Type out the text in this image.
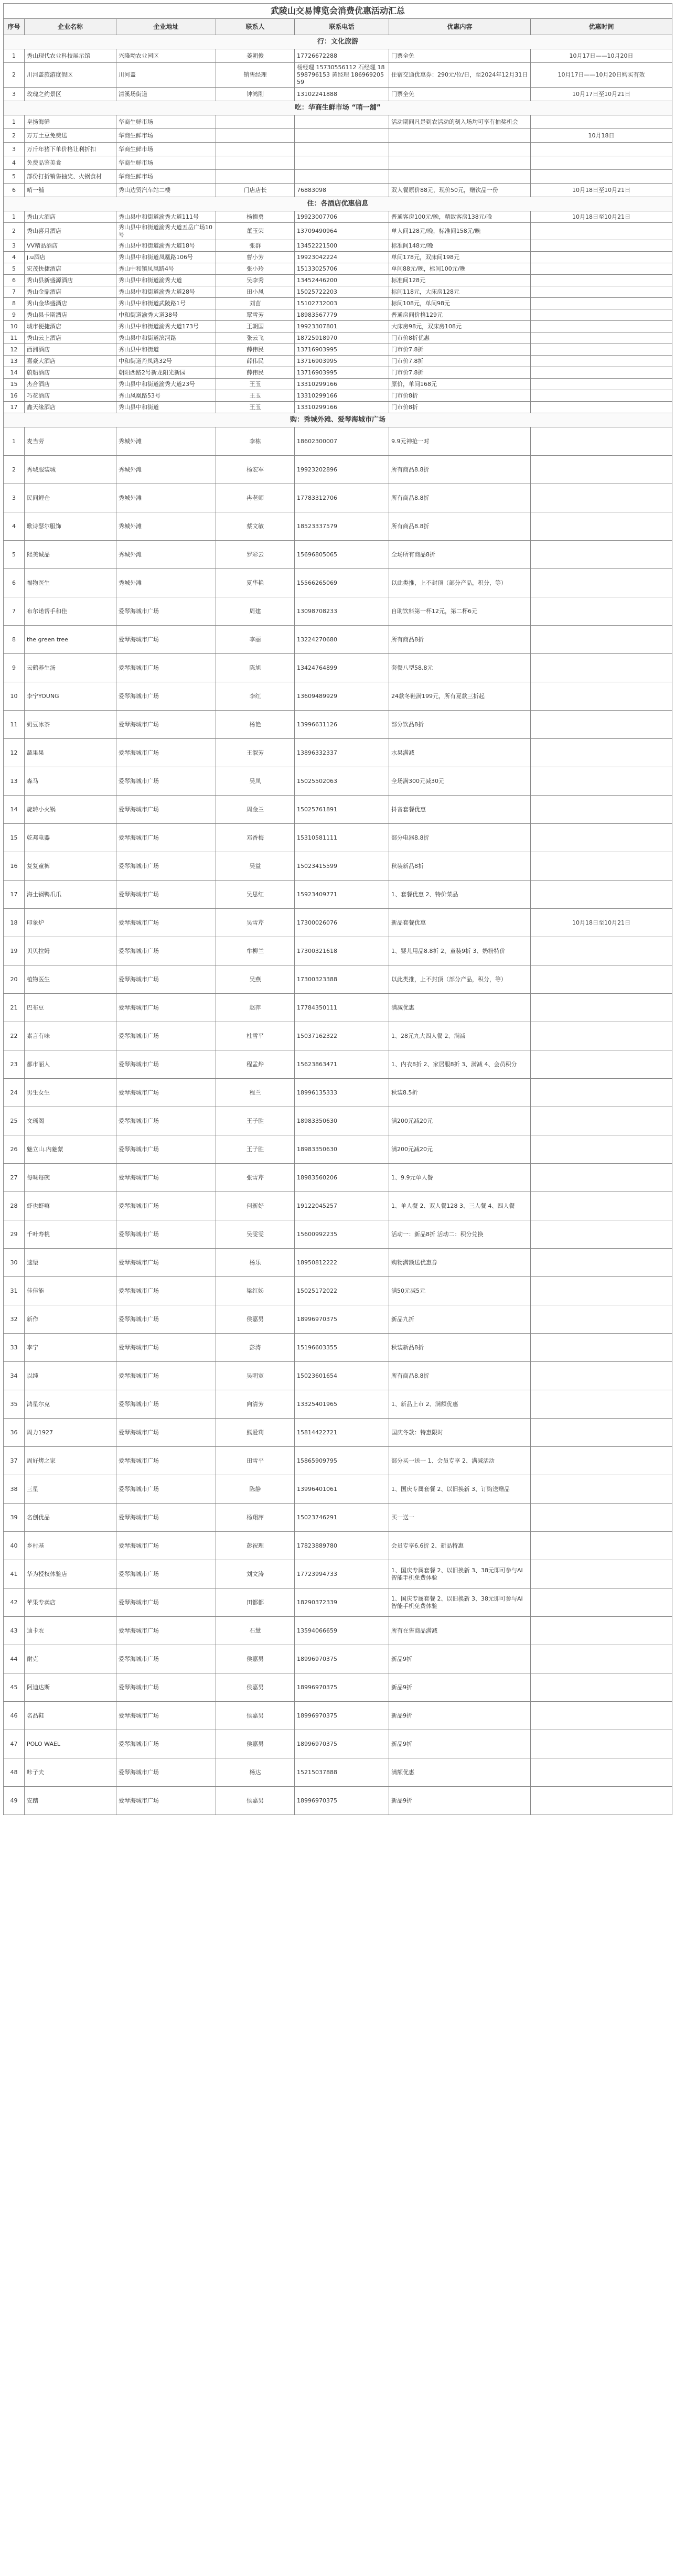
武陵山交易博览会消费优惠活动汇总						
序号	企业名称	企业地址	联系人	联系电话	优惠内容	优惠时间
行：文化旅游						
1	秀山现代农业科技展示馆	兴隆坳农业园区	姜朝俊	17726672288	门票全免	10月17日——10月20日
2	川河盖旅游度假区	川河盖	销售经理	杨经理 15730556112 石经理 18598796153 黄经理 18696920559	住宿交通优惠券：290元/位/日，至2024年12月31日	10月17日——10月20日购买有效
3	玫瑰之约景区	清溪场街道	钟鸿刚	13102241888	门票全免	10月17日至10月21日
吃：华商生鲜市场 “哨一舖”						
1	皇扬海鲜	华商生鲜市场			活动期间凡是到农活动的刻入场均可享有抽奖机会	
2	万万土豆免费送	华商生鲜市场				10月18日
3	万斤年猪下单价格让利折扣	华商生鲜市场				
4	免费品鉴美食	华商生鲜市场				
5	部份打折销售抽奖、火锅食材	华商生鲜市场				
6	哨一舖	秀山边贸汽车站二楼	门店店长	76883098	双人餐原价88元，现价50元，赠饮品一份	10月18日至10月21日
住：各酒店优惠信息						
1	秀山大酒店	秀山县中和街道渝秀大道111号	杨德勇	19923007706	普通客房100元/晚，精致客房138元/晚	10月18日至10月21日
2	秀山喜月酒店	秀山县中和街道渝秀大道五岳广场10号	董玉荣	13709490964	单人间128元/晚，标准间158元/晚	
3	VV精品酒店	秀山县中和街道渝秀大道18号	张群	13452221500	标准间148元/晚	
4	j.u酒店	秀山县中和街道凤凰路106号	曹小芳	19923042224	单间178元，双床间198元	
5	宏茂快捷酒店	秀山中和镇凤凰路4号	张小玲	15133025706	单间88元/晚，标间100元/晚	
6	秀山县新盛源酒店	秀山县中和街道渝秀大道	吴李秀	13452446200	标准间128元	
7	秀山金鼎酒店	秀山县中和街道渝秀大道28号	田小凤	15025722203	标间118元，大床房128元	
8	秀山金华盛酒店	秀山县中和街道武陵路1号	刘苗	15102732003	标间108元，单间98元	
9	秀山县卡斯酒店	中和街道渝秀大道38号	覃雪芳	18983567779	普通房间价格129元	
10	城市便捷酒店	秀山县中和街道渝秀大道173号	王朝国	19923307801	大床房98元，双床房108元	
11	秀山云上酒店	秀山县中和街道滨河路	张云飞	18725918970	门市价8折优惠	
12	西洲酒店	秀山县中和街道	薛伟民	13716903995	门市价7.8折	
13	嘉豪大酒店	中和街道丹凤路32号	薛伟民	13716903995	门市价7.8折	
14	蔚船酒店	朝阳西路2号新龙阳光新园	薛伟民	13716903995	门市价7.8折	
15	杰合酒店	秀山县中和街道渝秀大道23号	王玉	13310299166	原价，单间168元	
16	巧花酒店	秀山凤凰路53号	王玉	13310299166	门市价8折	
17	鑫天缘酒店	秀山县中和街道	王玉	13310299166	门市价8折	
购：秀城外滩、爱琴海城市广场						
1	麦当劳	秀城外滩	李栋	18602300007	9.9元神抢一对	
2	秀城服装城	秀城外滩	杨宏军	19923202896	所有商品8.8折	
3	民间鲤仓	秀城外滩	冉老师	17783312706	所有商品8.8折	
4	歌诗瑟尔服饰	秀城外滩	蔡文敏	18523337579	所有商品8.8折	
5	熙美诚品	秀城外滩	罗彩云	15696805065	全场所有商品8折	
6	福物医生	秀城外滩	夏华艳	15566265069	以此类推，上不封顶（部分产品，积分，等）	
7	布尔诺帮手和佳	爱琴海城市广场	周建	13098708233	自助饮料第一杯12元，第二杯6元	
8	the green tree	爱琴海城市广场	李丽	13224270680	所有商品8折	
9	云鹤养生汤	爱琴海城市广场	陈旭	13424764899	套餐八型58.8元	
10	李宁YOUNG	爱琴海城市广场	李红	13609489929	24款冬鞋满199元，所有夏款三折起	
11	奶豆冰茶	爱琴海城市广场	杨艳	13996631126	部分饮品8折	
12	蔬果果	爱琴海城市广场	王淑芳	13896332337	水果满减	
13	森马	爱琴海城市广场	吴凤	15025502063	全场满300元减30元	
14	旋转小火锅	爱琴海城市广场	周金兰	15025761891	抖音套餐优惠	
15	乾邦电器	爱琴海城市广场	邓香梅	15310581111	部分电器8.8折	
16	复复童裤	爱琴海城市广场	吴益	15023415599	秋装新品8折	
17	海土锅鸭爪爪	爱琴海城市广场	吴思红	15923409771	1、套餐优惠 2、特价菜品	
18	印象炉	爱琴海城市广场	吴雪芹	17300026076	新品套餐优惠	10月18日至10月21日
19	贝贝拉姆	爱琴海城市广场	牟柳兰	17300321618	1、婴儿用品8.8折 2、童装9折 3、奶粉特价	
20	植物医生	爱琴海城市广场	吴燕	17300323388	以此类推，上不封顶（部分产品，积分，等）	
21	巴布豆	爱琴海城市广场	赵萍	17784350111	满减优惠	
22	素言有味	爱琴海城市广场	杜雪平	15037162322	1、28元九大四人餐 2、满减	
23	都市丽人	爱琴海城市广场	程孟烨	15623863471	1、内衣8折 2、家居服8折 3、满减 4、会员积分	
24	男生女生	爱琴海城市广场	程兰	18996135333	秋装8.5折	
25	文瑶阁	爱琴海城市广场	王子胜	18983350630	满200元减20元	
26	魅立山.内魅蒙	爱琴海城市广场	王子胜	18983350630	满200元减20元	
27	每味每碗	爱琴海城市广场	张雪芹	18983560206	1、9.9元单人餐	
28	虾也虾嘛	爱琴海城市广场	何新好	19122045257	1、单人餐 2、双人餐128 3、三人餐 4、四人餐	
29	千叶寿桃	爱琴海城市广场	吴雯雯	15600992235	活动一：新品8折 活动二：积分兑换	
30	速堡	爱琴海城市广场	杨乐	18950812222	购物满额送优惠券	
31	佳佳能	爱琴海城市广场	梁红姊	15025172022	满50元减5元	
32	新作	爱琴海城市广场	侯嘉男	18996970375	新品九折	
33	李宁	爱琴海城市广场	彭涛	15196603355	秋装新品8折	
34	以纯	爱琴海城市广场	吴明宽	15023601654	所有商品8.8折	
35	鸿星尔克	爱琴海城市广场	向清芳	13325401965	1、新品上市 2、满额优惠	
36	周力1927	爱琴海城市广场	熊爱莉	15814422721	国庆冬款：特惠限时	
37	周好烤之家	爱琴海城市广场	田雪平	15865909795	部分买一送一 1、会员专享 2、满减活动	
38	三星	爱琴海城市广场	陈静	13996401061	1、国庆专属套餐 2、以旧换新 3、订购送赠品	
39	名创优品	爱琴海城市广场	杨翔萍	15023746291	买一送一	
40	乡村基	爱琴海城市广场	彭祝理	17823889780	会员专享6.6折 2、新品特惠	
41	华为授权体验店	爱琴海城市广场	刘文涛	17723994733	1、国庆专属套餐 2、以旧换新 3、38元即可参与AI智能手机免费体验	
42	苹果专卖店	爱琴海城市广场	田都都	18290372339	1、国庆专属套餐 2、以旧换新 3、38元即可参与AI智能手机免费体验	
43	迪卡农	爱琴海城市广场	石慧	13594066659	所有在售商品满减	
44	耐克	爱琴海城市广场	侯嘉男	18996970375	新品9折	
45	阿迪达斯	爱琴海城市广场	侯嘉男	18996970375	新品9折	
46	名品鞋	爱琴海城市广场	侯嘉男	18996970375	新品9折	
47	POLO WAEL	爱琴海城市广场	侯嘉男	18996970375	新品9折	
48	咔子夫	爱琴海城市广场	杨达	15215037888	满额优惠	
49	安踏	爱琴海城市广场	侯嘉男	18996970375	新品9折	
